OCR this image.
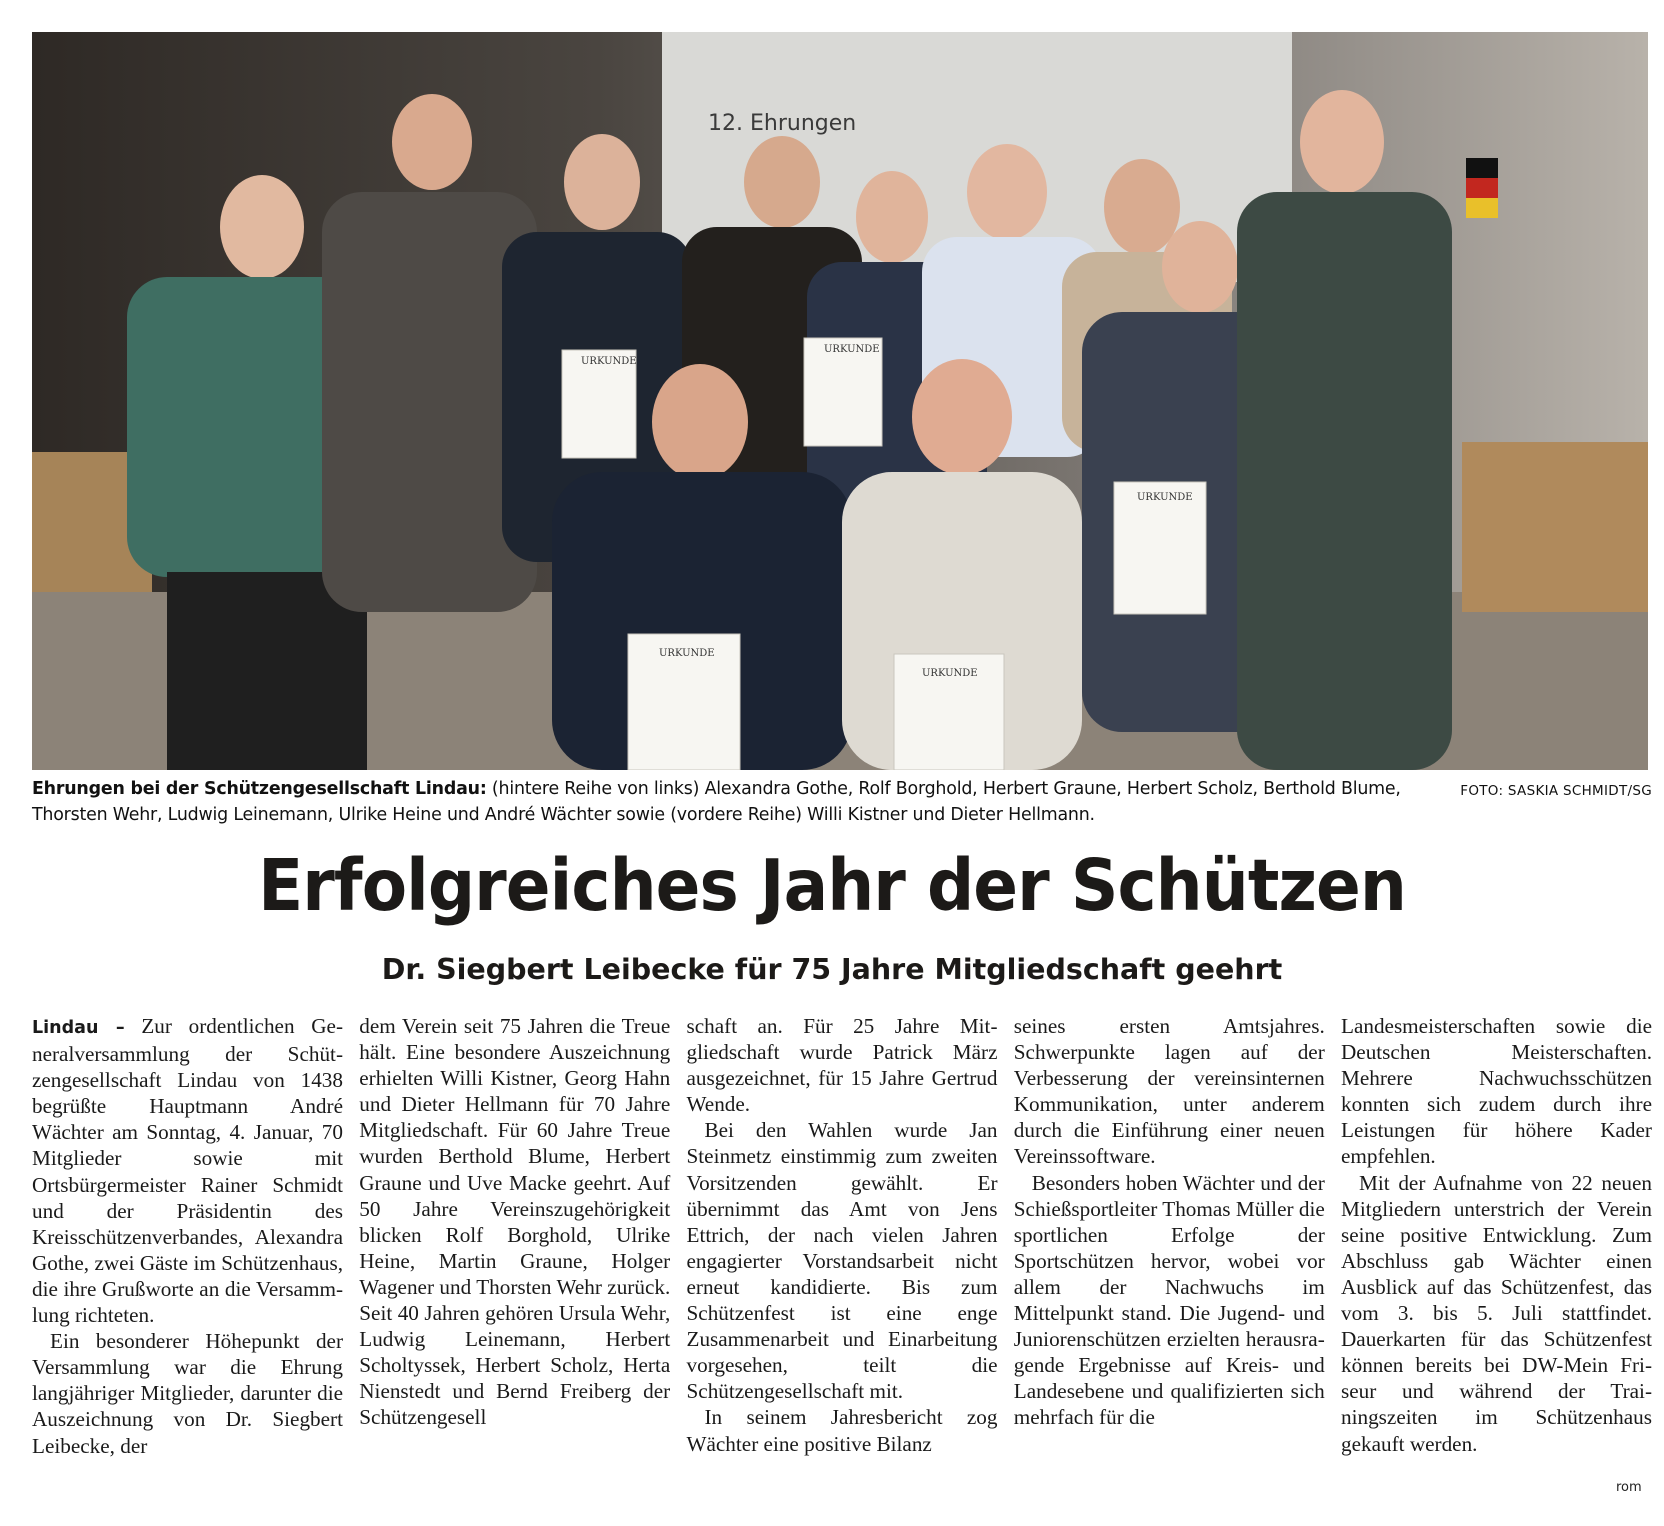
12. Ehrungen
URKUNDE
URKUNDE
URKUNDE
URKUNDE
URKUNDE
FOTO: SASKIA SCHMIDT/SG
Ehrungen bei der Schützengesellschaft Lindau: (hintere Reihe von links) Alexandra Gothe, Rolf Borghold, Herbert Graune, Herbert Scholz, Berthold Blume, Thorsten Wehr, Ludwig Leinemann, Ulrike Heine und André Wächter sowie (vordere Reihe) Willi Kistner und Dieter Hellmann.
Erfolgreiches Jahr der Schützen
Dr. Siegbert Leibecke für 75 Jahre Mitgliedschaft geehrt

Lindau – Zur ordentlichen Generalversammlung der Schützengesellschaft Lindau von 1438 begrüßte Hauptmann André Wächter am Sonntag, 4. Januar, 70 Mitglieder sowie mit Ortsbürgermeister Rainer Schmidt und der Präsidentin des Kreisschützenverbandes, Alexandra Gothe, zwei Gäste im Schützenhaus, die ihre Grußworte an die Versammlung richteten.

Ein besonderer Höhepunkt der Versammlung war die Ehrung langjähriger Mitglieder, darunter die Auszeichnung von Dr. Siegbert Leibecke, der

dem Verein seit 75 Jahren die Treue hält. Eine besondere Auszeichnung erhielten Willi Kistner, Georg Hahn und Dieter Hellmann für 70 Jahre Mitgliedschaft. Für 60 Jahre Treue wurden Berthold Blume, Herbert Graune und Uve Macke geehrt. Auf 50 Jahre Vereinszugehörigkeit blicken Rolf Borghold, Ulrike Heine, Martin Graune, Holger Wagener und Thorsten Wehr zurück. Seit 40 Jahren gehören Ursula Wehr, Ludwig Leinemann, Herbert Scholtyssek, Herbert Scholz, Herta Nienstedt und Bernd Freiberg der Schützengesell

schaft an. Für 25 Jahre Mitgliedschaft wurde Patrick März ausgezeichnet, für 15 Jahre Gertrud Wende.

Bei den Wahlen wurde Jan Steinmetz einstimmig zum zweiten Vorsitzenden gewählt. Er übernimmt das Amt von Jens Ettrich, der nach vielen Jahren engagierter Vorstandsarbeit nicht erneut kandidierte. Bis zum Schützenfest ist eine enge Zusammenarbeit und Einarbeitung vorgesehen, teilt die Schützengesellschaft mit.

In seinem Jahresbericht zog Wächter eine positive Bilanz

seines ersten Amtsjahres. Schwerpunkte lagen auf der Verbesserung der vereinsinternen Kommunikation, unter anderem durch die Einführung einer neuen Vereinssoftware.

Besonders hoben Wächter und der Schießsportleiter Thomas Müller die sportlichen Erfolge der Sportschützen hervor, wobei vor allem der Nachwuchs im Mittelpunkt stand. Die Jugend- und Juniorenschützen erzielten herausragende Ergebnisse auf Kreis- und Landesebene und qualifizierten sich mehrfach für die

Landesmeisterschaften sowie die Deutschen Meisterschaften. Mehrere Nachwuchsschützen konnten sich zudem durch ihre Leistungen für höhere Kader empfehlen.

Mit der Aufnahme von 22 neuen Mitgliedern unterstrich der Verein seine positive Entwicklung. Zum Abschluss gab Wächter einen Ausblick auf das Schützenfest, das vom 3. bis 5. Juli stattfindet. Dauerkarten für das Schützenfest können bereits bei DW-Mein Friseur und während der Trainingszeiten im Schützenhaus gekauft werden.

rom
